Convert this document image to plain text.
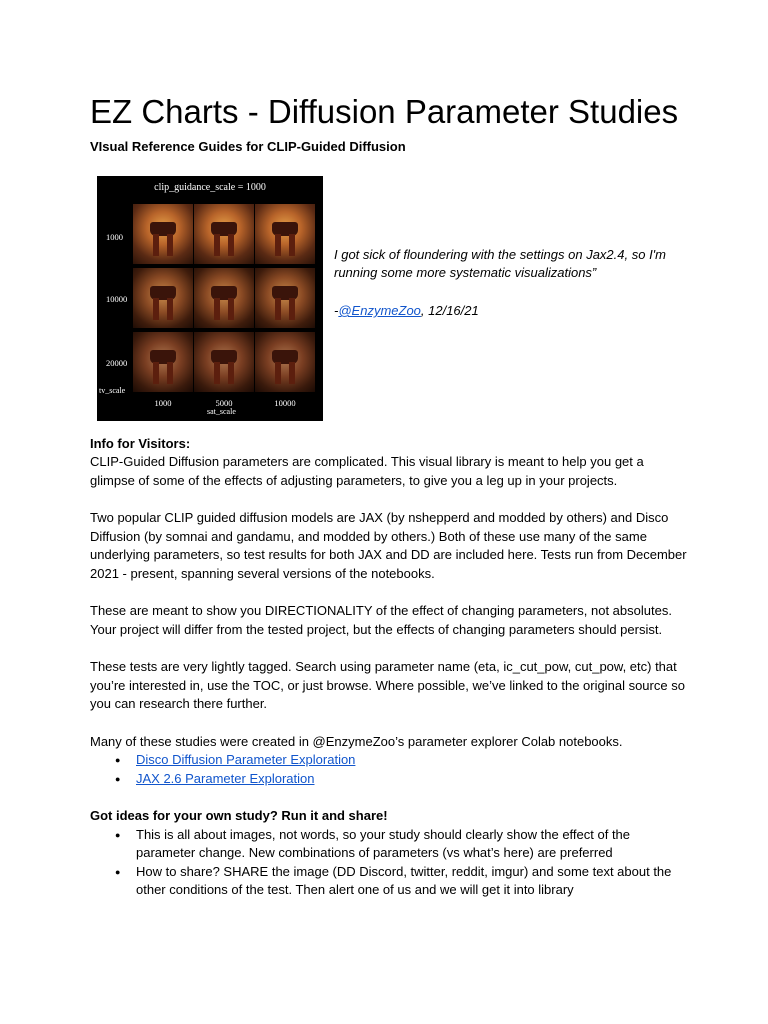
EZ Charts - Diffusion Parameter Studies
VIsual Reference Guides for CLIP-Guided Diffusion
clip_guidance_scale = 1000
1000
10000
20000
tv_scale
1000	5000	10000
sat_scale

I got sick of floundering with the settings on Jax2.4, so I'm running some more systematic visualizations”

-@EnzymeZoo, 12/16/21

Info for Visitors:

CLIP-Guided Diffusion parameters are complicated. This visual library is meant to help you get a glimpse of some of the effects of adjusting parameters, to give you a leg up in your projects.

Two popular CLIP guided diffusion models are JAX (by nshepperd and modded by others) and Disco Diffusion (by somnai and gandamu, and modded by others.) Both of these use many of the same underlying parameters, so test results for both JAX and DD are included here. Tests run from December 2021 - present, spanning several versions of the notebooks.

These are meant to show you DIRECTIONALITY of the effect of changing parameters, not absolutes. Your project will differ from the tested project, but the effects of changing parameters should persist.

These tests are very lightly tagged. Search using parameter name (eta, ic_cut_pow, cut_pow, etc) that you’re interested in, use the TOC, or just browse. Where possible, we’ve linked to the original source so you can research there further.

Many of these studies were created in @EnzymeZoo’s parameter explorer Colab notebooks.

● Disco Diffusion Parameter Exploration
● JAX 2.6 Parameter Exploration
Got ideas for your own study? Run it and share!
● This is all about images, not words, so your study should clearly show the effect of the parameter change. New combinations of parameters (vs what’s here) are preferred
● How to share? SHARE the image (DD Discord, twitter, reddit, imgur) and some text about the other conditions of the test. Then alert one of us and we will get it into library
